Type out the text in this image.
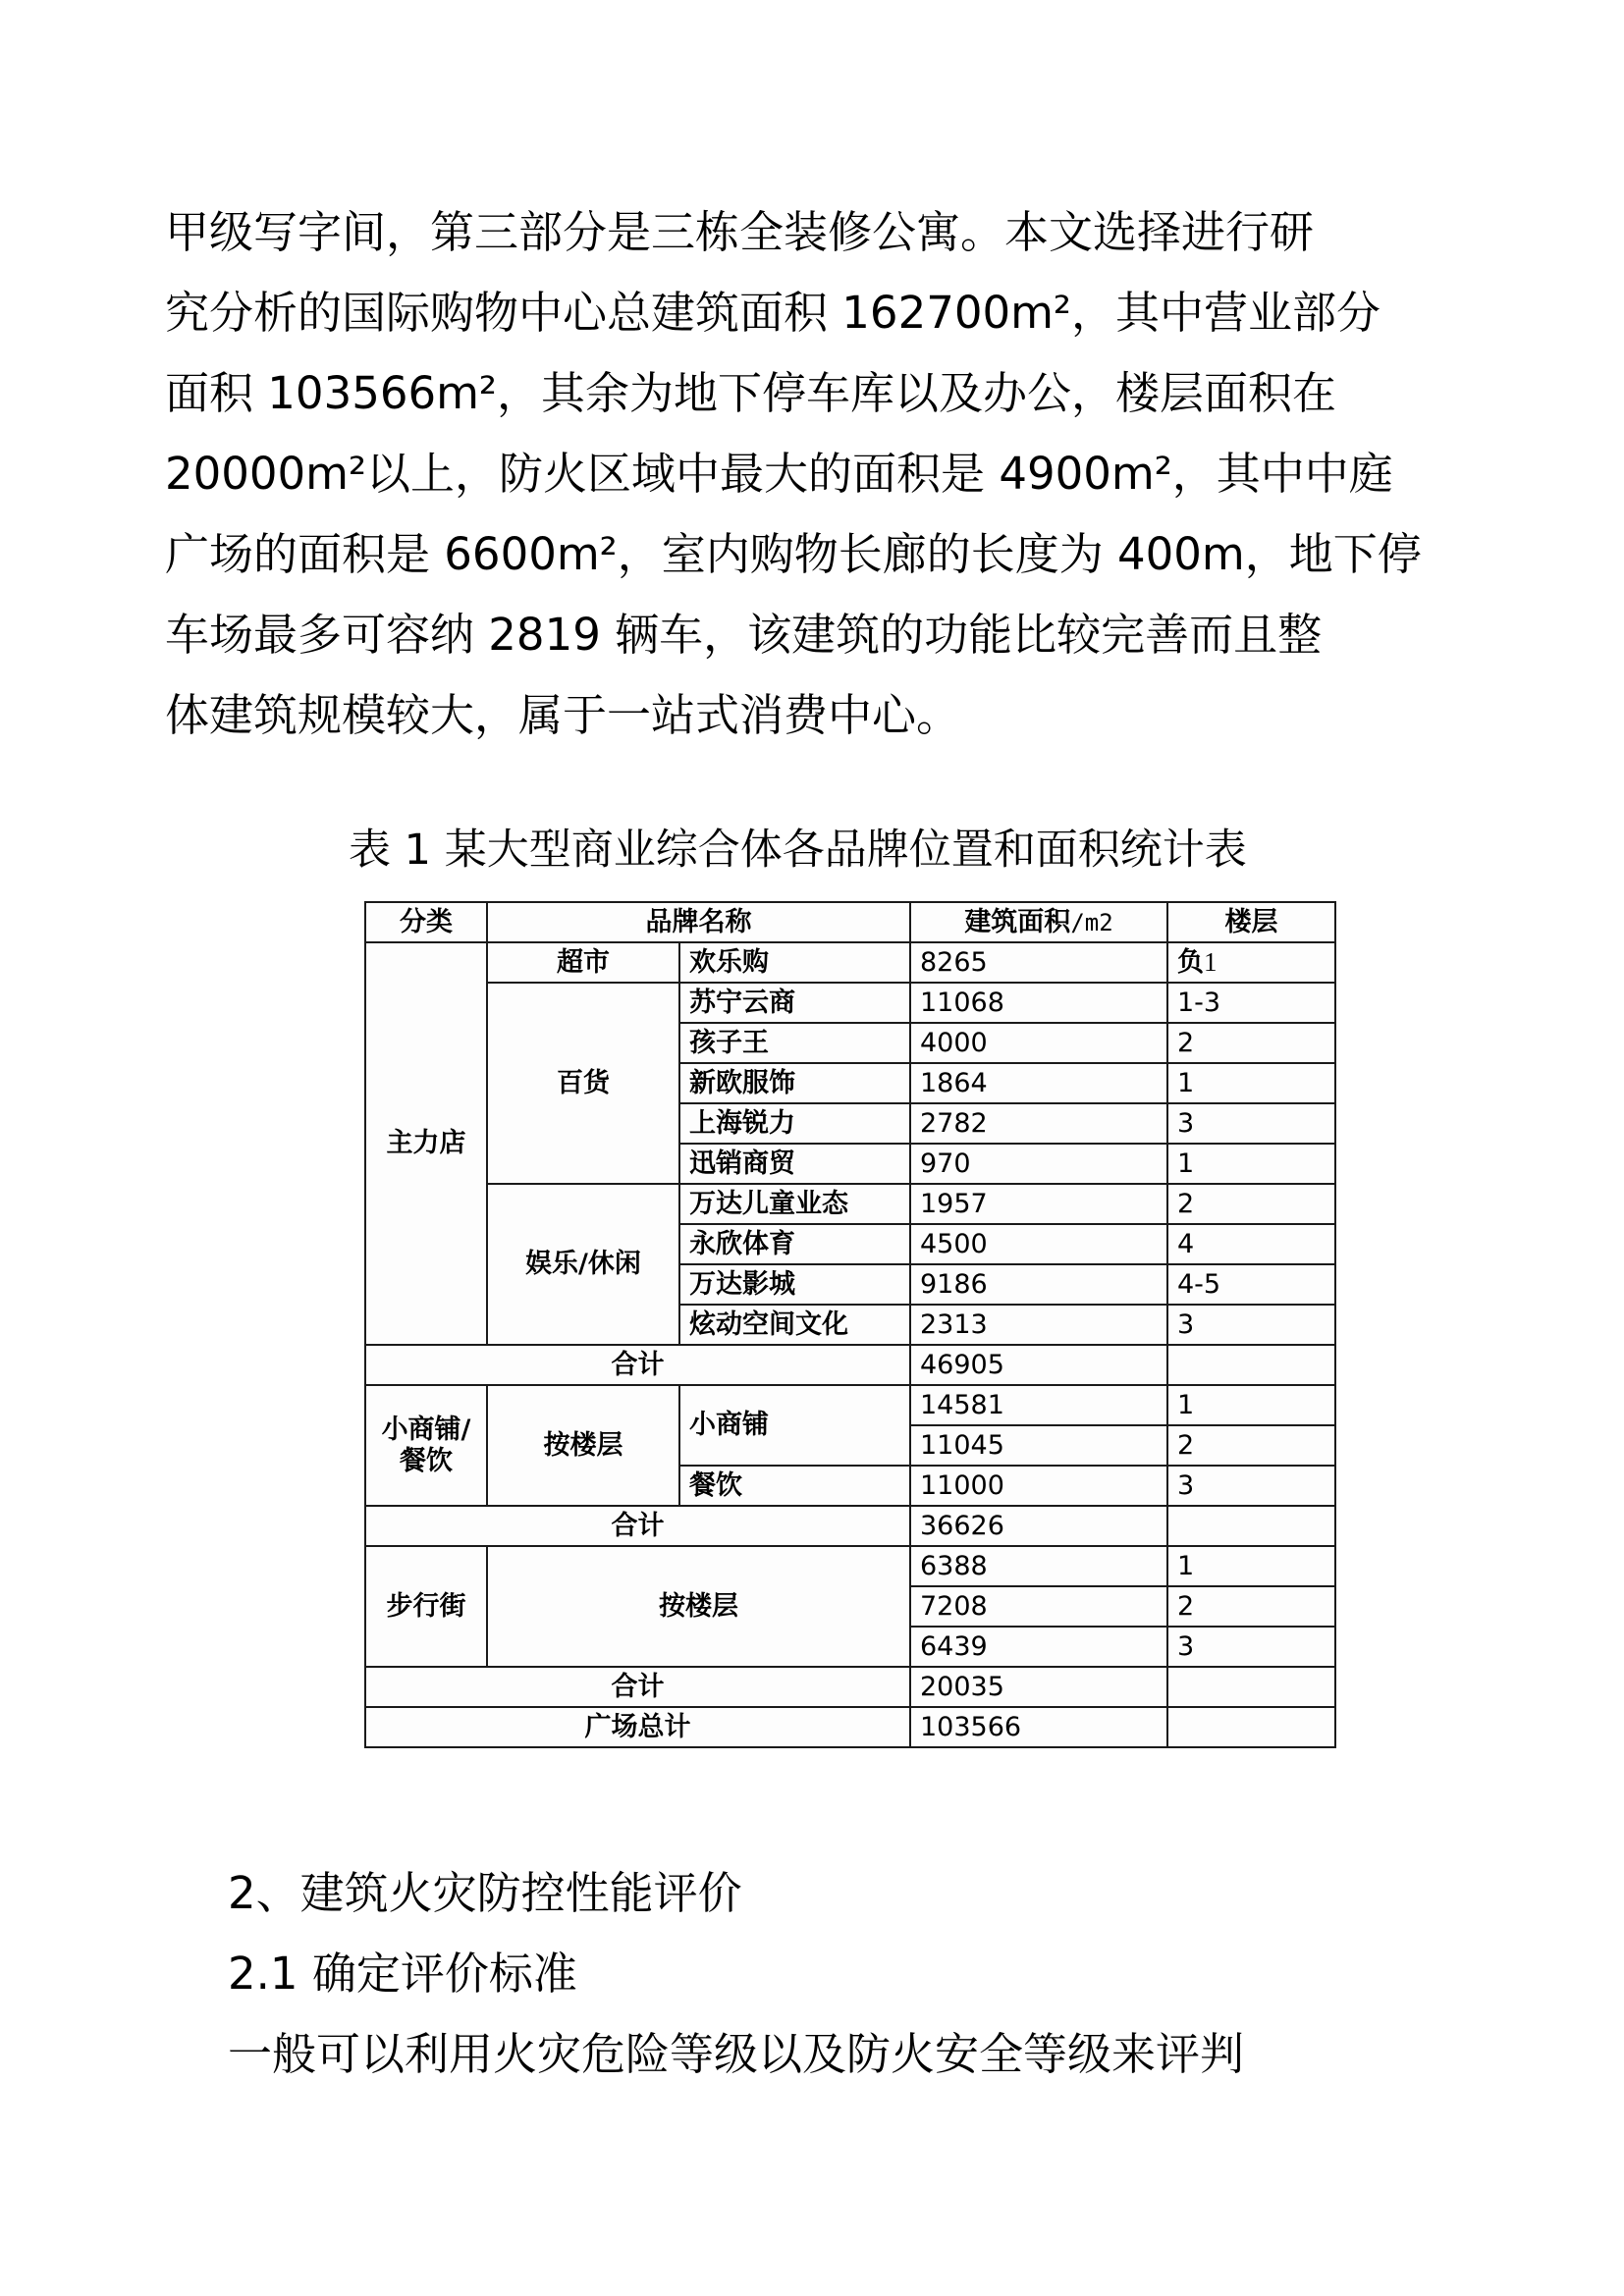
甲级写字间，第三部分是三栋全装修公寓。本文选择进行研
究分析的国际购物中心总建筑面积 162700m²，其中营业部分
面积 103566m²，其余为地下停车库以及办公，楼层面积在
20000m²以上，防火区域中最大的面积是 4900m²，其中中庭
广场的面积是 6600m²，室内购物长廊的长度为 400m，地下停
车场最多可容纳 2819 辆车，该建筑的功能比较完善而且整
体建筑规模较大，属于一站式消费中心。
表 1 某大型商业综合体各品牌位置和面积统计表
分类	品牌名称		建筑面积/m2	楼层
主力店	超市	欢乐购	8265	负1
	百货	苏宁云商	11068	1-3
		孩子王	4000	2
		新欧服饰	1864	1
		上海锐力	2782	3
		迅销商贸	970	1
	娱乐/休闲	万达儿童业态	1957	2
		永欣体育	4500	4
		万达影城	9186	4-5
		炫动空间文化	2313	3
合计			46905	
小商铺/
餐饮	按楼层	小商铺	14581	1
			11045	2
		餐饮	11000	3
合计			36626	
步行街	按楼层		6388	1
			7208	2
			6439	3
合计			20035	
广场总计			103566	
2、建筑火灾防控性能评价
2.1 确定评价标准
一般可以利用火灾危险等级以及防火安全等级来评判
